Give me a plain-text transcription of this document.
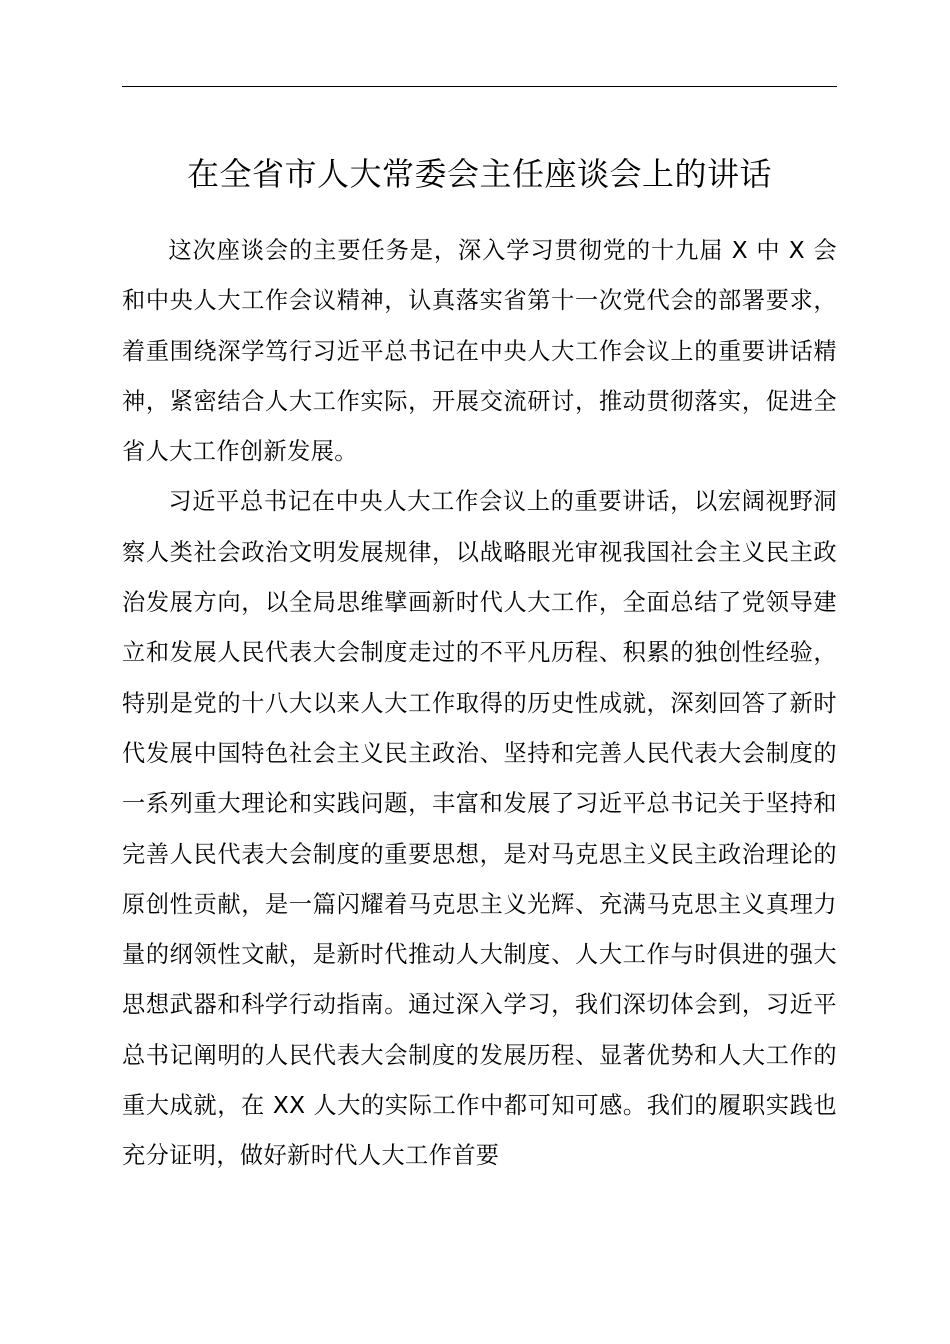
在全省市人大常委会主任座谈会上的讲话

这次座谈会的主要任务是，深入学习贯彻党的十九届 X 中 X 会和中央人大工作会议精神，认真落实省第十一次党代会的部署要求，着重围绕深学笃行习近平总书记在中央人大工作会议上的重要讲话精神，紧密结合人大工作实际，开展交流研讨，推动贯彻落实，促进全省人大工作创新发展。

习近平总书记在中央人大工作会议上的重要讲话，以宏阔视野洞察人类社会政治文明发展规律，以战略眼光审视我国社会主义民主政治发展方向，以全局思维擘画新时代人大工作，全面总结了党领导建立和发展人民代表大会制度走过的不平凡历程、积累的独创性经验，特别是党的十八大以来人大工作取得的历史性成就，深刻回答了新时代发展中国特色社会主义民主政治、坚持和完善人民代表大会制度的一系列重大理论和实践问题，丰富和发展了习近平总书记关于坚持和完善人民代表大会制度的重要思想，是对马克思主义民主政治理论的原创性贡献，是一篇闪耀着马克思主义光辉、充满马克思主义真理力量的纲领性文献，是新时代推动人大制度、人大工作与时俱进的强大思想武器和科学行动指南。通过深入学习，我们深切体会到，习近平总书记阐明的人民代表大会制度的发展历程、显著优势和人大工作的重大成就，在 XX 人大的实际工作中都可知可感。我们的履职实践也充分证明，做好新时代人大工作首要
